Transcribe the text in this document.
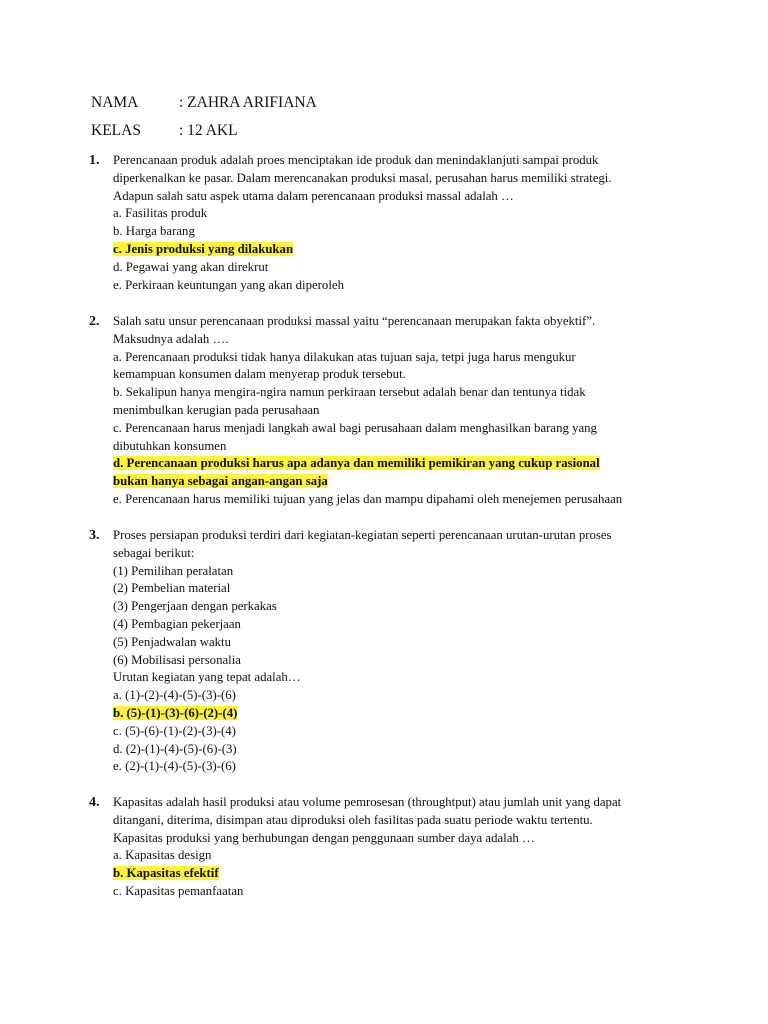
NAMA	: ZAHRA ARIFIANA
KELAS : 12 AKL
1. Perencanaan produk adalah proes menciptakan ide produk dan menindaklanjuti sampai produk
diperkenalkan ke pasar. Dalam merencanakan produksi masal, perusahan harus memiliki strategi.
Adapun salah satu aspek utama dalam perencanaan produksi massal adalah …
a. Fasilitas produk
b. Harga barang
c. Jenis produksi yang dilakukan
d. Pegawai yang akan direkrut
e. Perkiraan keuntungan yang akan diperoleh
2. Salah satu unsur perencanaan produksi massal yaitu “perencanaan merupakan fakta obyektif”.
Maksudnya adalah ….
a. Perencanaan produksi tidak hanya dilakukan atas tujuan saja, tetpi juga harus mengukur
kemampuan konsumen dalam menyerap produk tersebut.
b. Sekalipun hanya mengira-ngira namun perkiraan tersebut adalah benar dan tentunya tidak
menimbulkan kerugian pada perusahaan
c. Perencanaan harus menjadi langkah awal bagi perusahaan dalam menghasilkan barang yang
dibutuhkan konsumen
d. Perencanaan produksi harus apa adanya dan memiliki pemikiran yang cukup rasional
bukan hanya sebagai angan-angan saja
e. Perencanaan harus memiliki tujuan yang jelas dan mampu dipahami oleh menejemen perusahaan
3. Proses persiapan produksi terdiri dari kegiatan-kegiatan seperti perencanaan urutan-urutan proses
sebagai berikut:
(1) Pemilihan peralatan
(2) Pembelian material
(3) Pengerjaan dengan perkakas
(4) Pembagian pekerjaan
(5) Penjadwalan waktu
(6) Mobilisasi personalia
Urutan kegiatan yang tepat adalah…
a. (1)-(2)-(4)-(5)-(3)-(6)
b. (5)-(1)-(3)-(6)-(2)-(4)
c. (5)-(6)-(1)-(2)-(3)-(4)
d. (2)-(1)-(4)-(5)-(6)-(3)
e. (2)-(1)-(4)-(5)-(3)-(6)
4. Kapasitas adalah hasil produksi atau volume pemrosesan (throughtput) atau jumlah unit yang dapat
ditangani, diterima, disimpan atau diproduksi oleh fasilitas pada suatu periode waktu tertentu.
Kapasitas produksi yang berhubungan dengan penggunaan sumber daya adalah …
a. Kapasitas design
b. Kapasitas efektif
c. Kapasitas pemanfaatan
